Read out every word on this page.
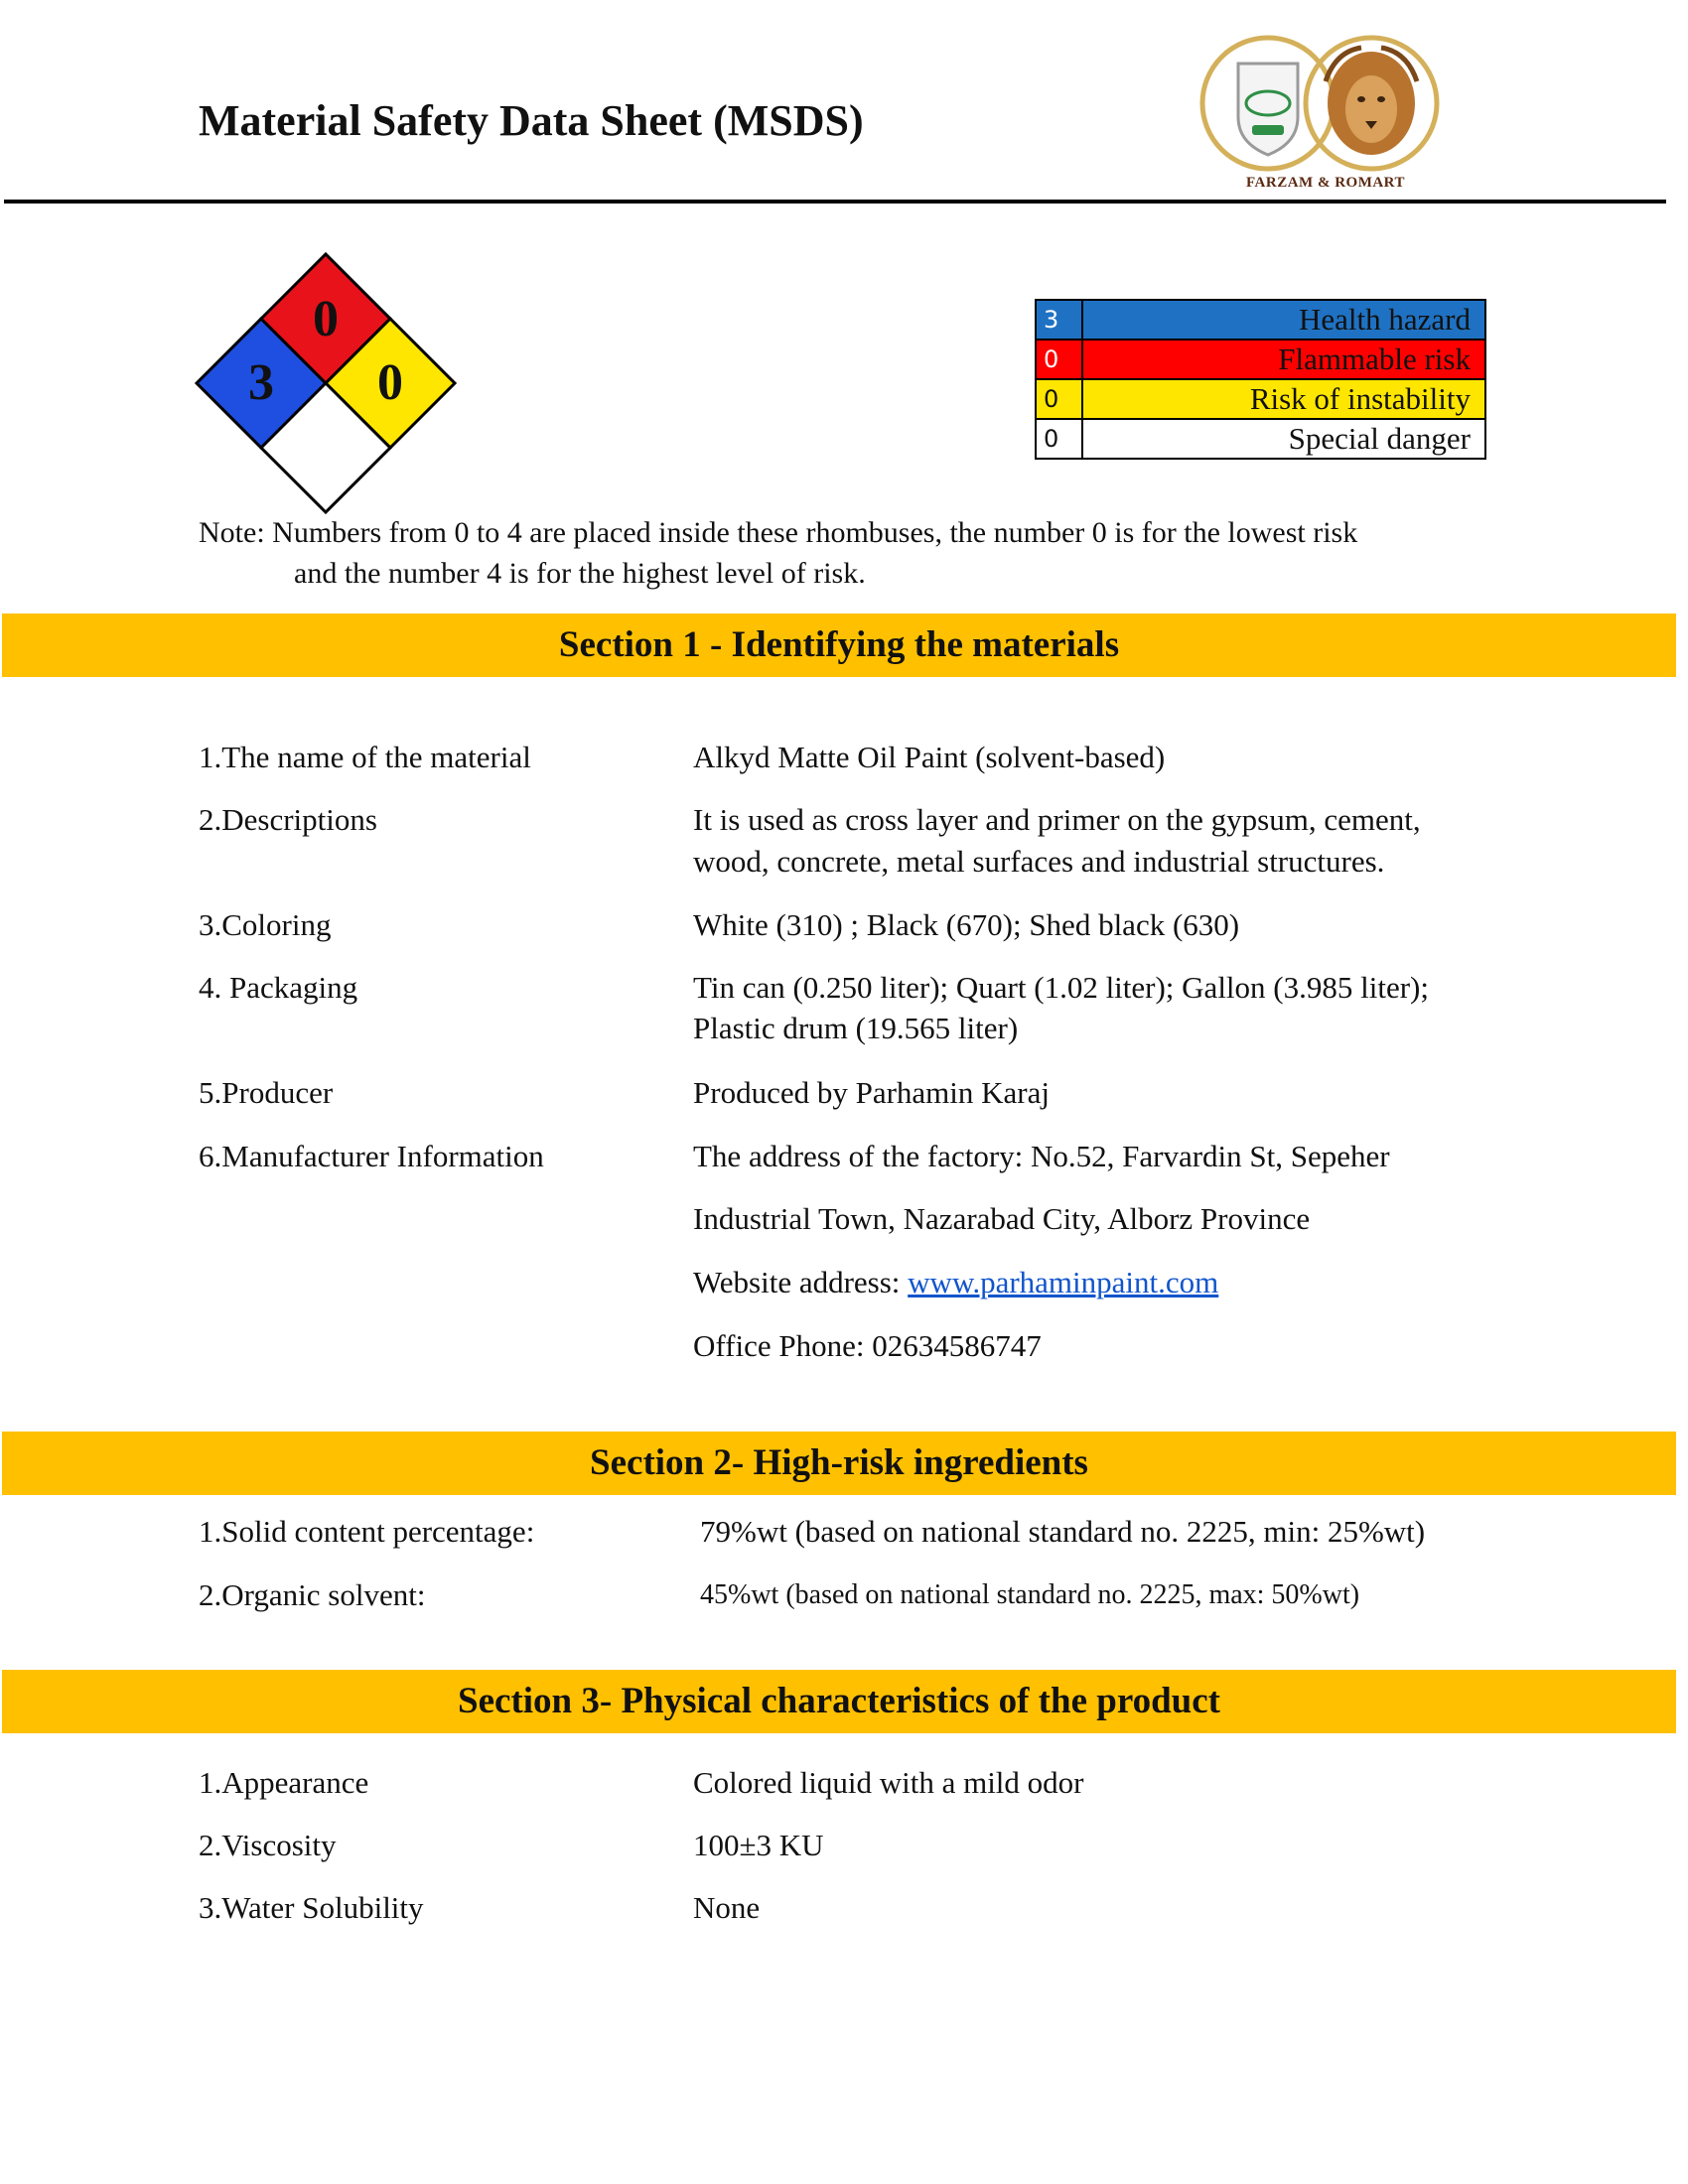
Material Safety Data Sheet (MSDS)
FARZAM & ROMART
3
0
0
3	Health hazard
0	Flammable risk
0	Risk of instability
0	Special danger
Note: Numbers from 0 to 4 are placed inside these rhombuses, the number 0 is for the lowest risk
and the number 4 is for the highest level of risk.
Section 1 - Identifying the materials
1.The name of the material	Alkyd Matte Oil Paint (solvent-based)
2.Descriptions	It is used as cross layer and primer on the gypsum, cement,
wood, concrete, metal surfaces and industrial structures.
3.Coloring	White (310) ; Black (670); Shed black (630)
4. Packaging	Tin can (0.250 liter); Quart (1.02 liter); Gallon (3.985 liter);
Plastic drum (19.565 liter)
5.Producer	Produced by Parhamin Karaj
6.Manufacturer Information	The address of the factory: No.52, Farvardin St, Sepeher
Industrial Town, Nazarabad City, Alborz Province
Website address: www.parhaminpaint.com
Office Phone: 02634586747
Section 2- High-risk ingredients
1.Solid content percentage:	79%wt (based on national standard no. 2225, min: 25%wt)
2.Organic solvent:	45%wt (based on national standard no. 2225, max: 50%wt)
Section 3- Physical characteristics of the product
1.Appearance	Colored liquid with a mild odor
2.Viscosity	100±3 KU
3.Water Solubility	None
